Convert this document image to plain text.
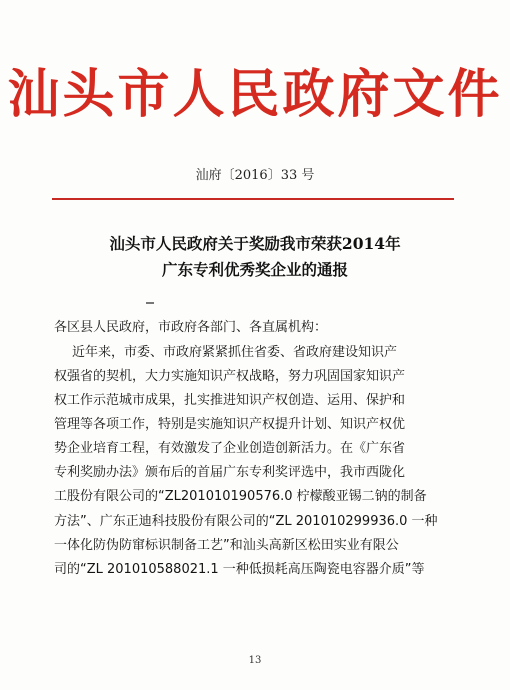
汕头市人民政府文件
汕府〔2016〕33 号
汕头市人民政府关于奖励我市荣获2014年
广东专利优秀奖企业的通报
各区县人民政府，市政府各部门、各直属机构：
近年来，市委、市政府紧紧抓住省委、省政府建设知识产
权强省的契机，大力实施知识产权战略，努力巩固国家知识产
权工作示范城市成果，扎实推进知识产权创造、运用、保护和
管理等各项工作，特别是实施知识产权提升计划、知识产权优
势企业培育工程，有效激发了企业创造创新活力。在《广东省
专利奖励办法》颁布后的首届广东专利奖评选中，我市西陇化
工股份有限公司的“ZL201010190576.0 柠檬酸亚锡二钠的制备
方法”、广东正迪科技股份有限公司的“ZL 201010299936.0 一种
一体化防伪防窜标识制备工艺”和汕头高新区松田实业有限公
司的“ZL 201010588021.1 一种低损耗高压陶瓷电容器介质”等
13
